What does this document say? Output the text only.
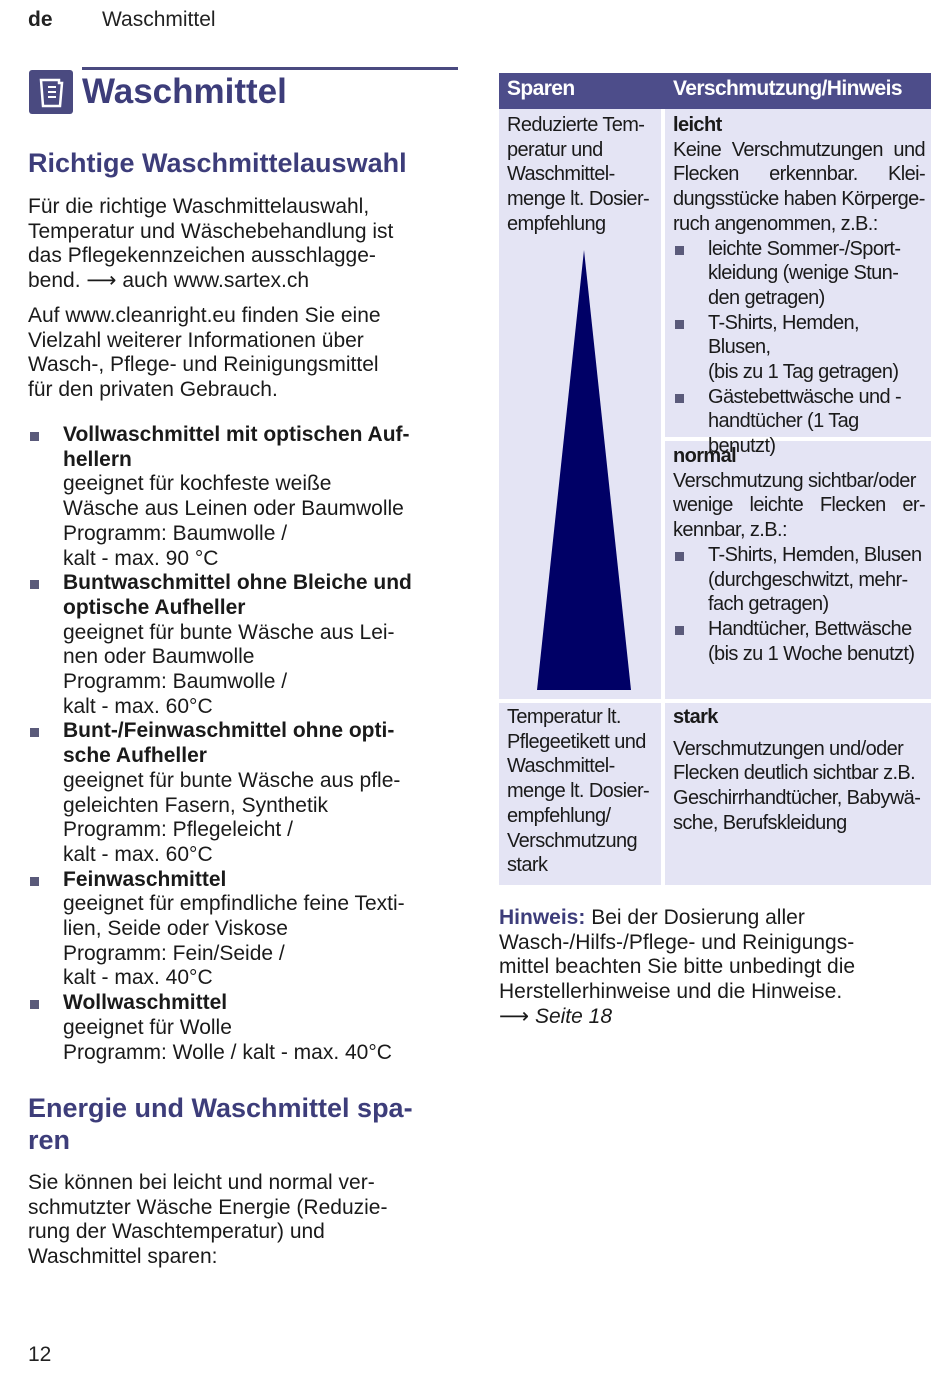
de Waschmittel
Waschmittel
Richtige Waschmittelauswahl

Für die richtige Waschmittelauswahl,
Temperatur und Wäschebehandlung ist
das Pflegekennzeichen ausschlagge-
bend. ⟶ auch www.sartex.ch

Auf www.cleanright.eu finden Sie eine
Vielzahl weiterer Informationen über
Wasch-, Pflege- und Reinigungsmittel
für den privaten Gebrauch.

Vollwaschmittel mit optischen Auf-
hellern
geeignet für kochfeste weiße
Wäsche aus Leinen oder Baumwolle
Programm: Baumwolle /
kalt - max. 90 °C
Buntwaschmittel ohne Bleiche und
optische Aufheller
geeignet für bunte Wäsche aus Lei-
nen oder Baumwolle
Programm: Baumwolle /
kalt - max. 60°C
Bunt-/Feinwaschmittel ohne opti-
sche Aufheller
geeignet für bunte Wäsche aus pfle-
geleichten Fasern, Synthetik
Programm: Pflegeleicht /
kalt - max. 60°C
Feinwaschmittel
geeignet für empfindliche feine Texti-
lien, Seide oder Viskose
Programm: Fein/Seide /
kalt - max. 40°C
Wollwaschmittel
geeignet für Wolle
Programm: Wolle / kalt - max. 40°C
Energie und Waschmittel spa-
ren

Sie können bei leicht und normal ver-
schmutzter Wäsche Energie (Reduzie-
rung der Waschtemperatur) und
Waschmittel sparen:

12
Sparen	Verschmutzung/Hinweis
Reduzierte Tem-
peratur und
Waschmittel-
menge lt. Dosier-
empfehlung
Temperatur lt.
Pflegeetikett und
Waschmittel-
menge lt. Dosier-
empfehlung/
Verschmutzung
stark
leicht
Keine Verschmutzungen und
Flecken erkennbar. Klei-
dungsstücke haben Körperge-
ruch angenommen, z.B.:
leichte Sommer-/Sport-
kleidung (wenige Stun-
den getragen)
T-Shirts, Hemden, Blusen,
(bis zu 1 Tag getragen)
Gästebettwäsche und -
handtücher (1 Tag
benutzt)
normal
Verschmutzung sichtbar/oder
wenige leichte Flecken er-
kennbar, z.B.:
T-Shirts, Hemden, Blusen
(durchgeschwitzt, mehr-
fach getragen)
Handtücher, Bettwäsche
(bis zu 1 Woche benutzt)
stark
Verschmutzungen und/oder
Flecken deutlich sichtbar z.B.
Geschirrhandtücher, Babywä-
sche, Berufskleidung
Hinweis: Bei der Dosierung aller
Wasch-/Hilfs-/Pflege- und Reinigungs-
mittel beachten Sie bitte unbedingt die
Herstellerhinweise und die Hinweise.
⟶ Seite 18
